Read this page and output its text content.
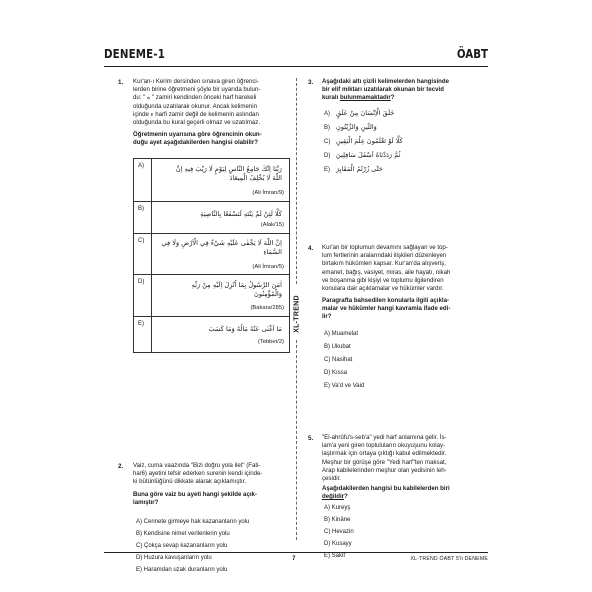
DENEME-1	ÖABT
XL-TREND
1. Kur'an-ı Kerim dersinden sınava giren öğrenci-
lerden birine öğretmeni şöyle bir uyarıda bulun-
du: " ه " zamiri kendinden önceki harf harekeli
olduğunda uzatılarak okunur. Ancak kelimenin
içinde ء harfi zamir değil de kelimenin aslından
olduğunda bu kural geçerli olmaz ve uzatılmaz.
Öğretmenin uyarısına göre öğrencinin okun-
duğu ayet aşağıdakilerden hangisi olabilir?
A)	رَبَّنَا اِنَّكَ جَامِعُ النَّاسِ لِيَوْمٍ لَا رَيْبَ فِيهِ اِنَّ
اللّٰهَ لَا يُخْلِفُ الْمِيعَادَ
(Ali İmran/9)
B)
كَلَّا لَئِنْ لَمْ يَنْتَهِ لَنَسْفَعًا بِالنَّاصِيَةِ
(Alak/15)
C)	اِنَّ اللّٰهَ لَا يَخْفٰى عَلَيْهِ شَيْءٌ فِي الْاَرْضِ وَلَا فِي
السَّمَاءِ
(Ali İmran/5)
D)	اٰمَنَ الرَّسُولُ بِمَا اُنْزِلَ اِلَيْهِ مِنْ رَبِّهِ
وَالْمُؤْمِنُونَ
(Bakara/285)
E)
مَا اَغْنٰى عَنْهُ مَالُهُ وَمَا كَسَبَ
(Tebbet/2)
2. Vaiz, cuma vaazında "Bizi doğru yola ilet" (Fati-
ha/6) ayetini tefsir ederken surenin kendi içinde-
ki bütünlüğünü dikkate alarak açıklamıştır.
Buna göre vaiz bu ayeti hangi şekilde açık-
lamıştır?
A) Cennete girmeye hak kazananların yolu
B) Kendisine nimet verilenlerin yolu
C) Çokça sevap kazananların yolu
D) Huzura kavuşanların yolu
E) Haramdan uzak duranların yolu
3. Aşağıdaki altı çizili kelimelerden hangisinde
bir elif miktarı uzatılarak okunan bir tecvid
kuralı bulunmamaktadır?
A) خَلَقَ الْاِنْسَانَ مِنْ عَلَقٍ
B) وَالتِّينِ وَالزَّيْتُونِ
C) كَلَّا لَوْ تَعْلَمُونَ عِلْمَ الْيَقِينِ
D) ثُمَّ رَدَدْنَاهُ اَسْفَلَ سَافِلِينَ
E) حَتّٰى زُرْتُمُ الْمَقَابِرَ
4. Kur'an bir toplumun devamını sağlayan ve top-
lum fertlerinin aralarındaki ilişkileri düzenleyen
birtakım hükümleri kapsar. Kur'an'da alışveriş,
emanet, bağış, vasiyet, miras, aile hayatı, nikah
ve boşanma gibi kişiyi ve toplumu ilgilendiren
konulara dair açıklamalar ve hükümler vardır.
Paragrafta bahsedilen konularla ilgili açıkla-
malar ve hükümler hangi kavramla ifade edi-
lir?
A) Muamelat
B) Ukubat
C) Nasihat
D) Kıssa
E) Va'd ve Vaid
5. "El-ahrûfu's-seb'a" yedi harf anlamına gelir. İs-
lam'a yeni giren topluluların okuyuşunu kolay-
laştırmak için ortaya çıktığı kabul edilmektedir.
Meşhur bir görüşe göre "Yedi harf"ten maksat,
Arap kabilelerinden meşhur olan yedisinin leh-
çesidir.
Aşağıdakilerden hangisi bu kabilelerden biri
değildir?
A) Kureyş
B) Kinâne
C) Hevazin
D) Kusayy
E) Sakif
7	XL-TREND ÖABT 5'li DENEME
